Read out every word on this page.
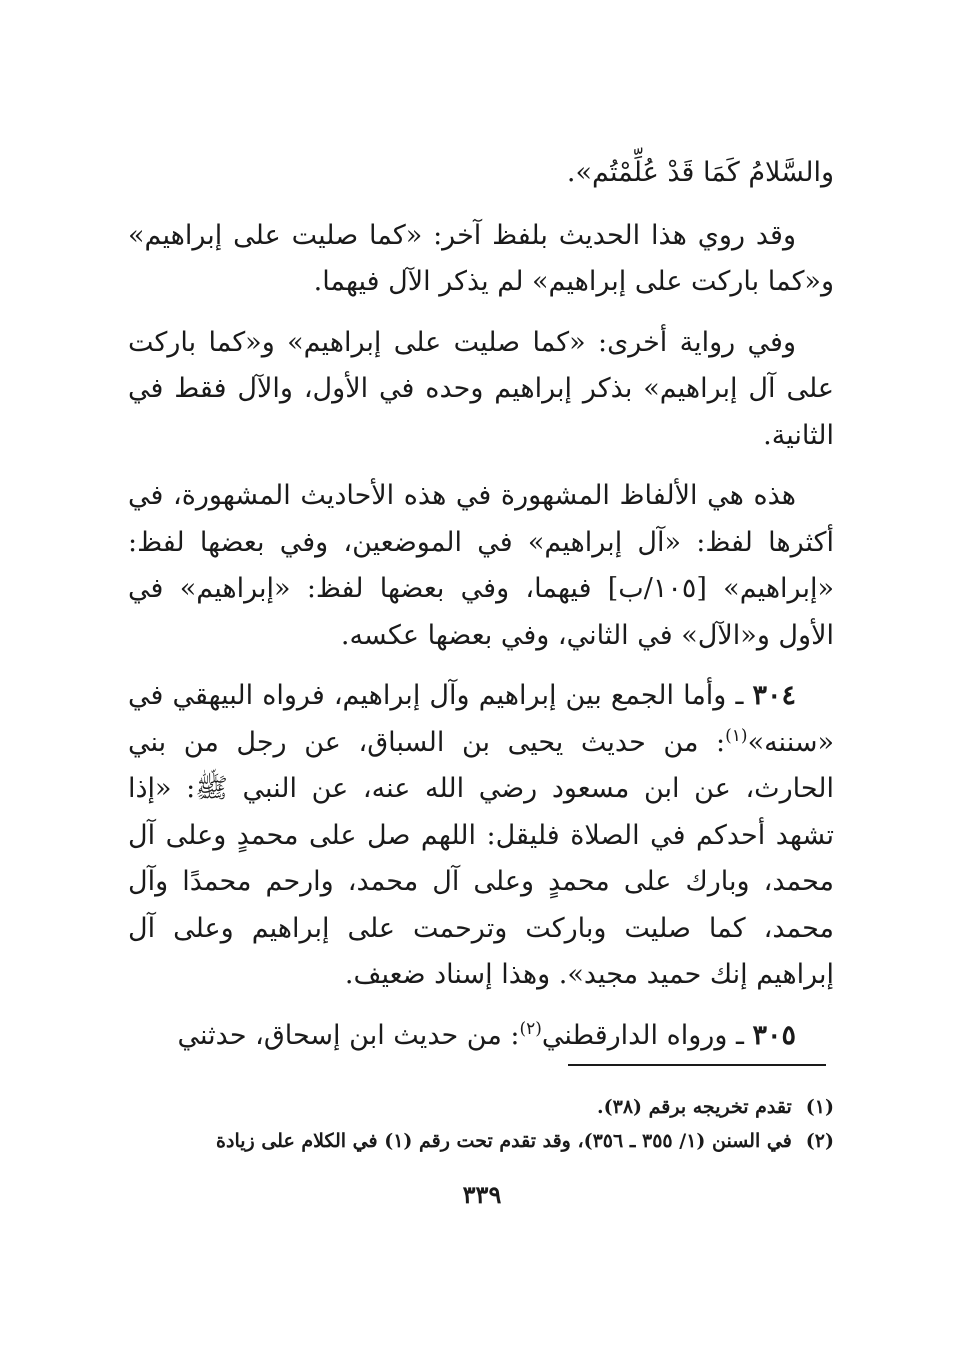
والسَّلامُ كَمَا قَدْ عُلِّمْتُم».

وقد روي هذا الحديث بلفظ آخر: «كما صليت على إبراهيم» و«كما باركت على إبراهيم» لم يذكر الآل فيهما.

وفي رواية أخرى: «كما صليت على إبراهيم» و«كما باركت على آل إبراهيم» بذكر إبراهيم وحده في الأول، والآل فقط في الثانية.

هذه هي الألفاظ المشهورة في هذه الأحاديث المشهورة، في أكثرها لفظ: «آل إبراهيم» في الموضعين، وفي بعضها لفظ: «إبراهيم» [١٠٥/ب] فيهما، وفي بعضها لفظ: «إبراهيم» في الأول و«الآل» في الثاني، وفي بعضها عكسه.

٣٠٤ ـ وأما الجمع بين إبراهيم وآل إبراهيم، فرواه البيهقي في «سننه»$^{(١)}$: من حديث يحيى بن السباق، عن رجل من بني الحارث، عن ابن مسعود رضي الله عنه، عن النبي ﷺ: «إذا تشهد أحدكم في الصلاة فليقل: اللهم صل على محمدٍ وعلى آل محمد، وبارك على محمدٍ وعلى آل محمد، وارحم محمدًا وآل محمد، كما صليت وباركت وترحمت على إبراهيم وعلى آل إبراهيم إنك حميد مجيد». وهذا إسناد ضعيف.

٣٠٥ ـ ورواه الدارقطني$^{(٢)}$: من حديث ابن إسحاق، حدثني

(١)تقدم تخريجه برقم (٣٨).
(٢)في السنن (١/ ٣٥٥ ـ ٣٥٦)، وقد تقدم تحت رقم (١) في الكلام على زيادة
٣٣٩
